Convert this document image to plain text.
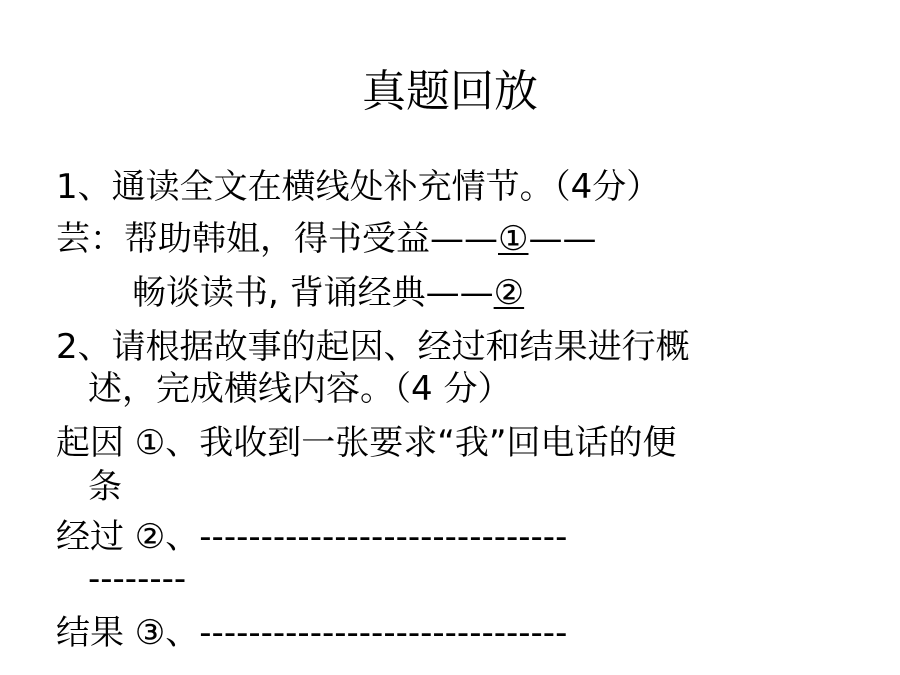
真题回放
1、通读全文在横线处补充情节。（4分）
芸：帮助韩姐，得书受益——①——
畅谈读书, 背诵经典——②
2、请根据故事的起因、经过和结果进行概
述，完成横线内容。（4 分）
起因 ①、我收到一张要求“我”回电话的便
条
经过 ②、------------------------------
--------
结果 ③、------------------------------
